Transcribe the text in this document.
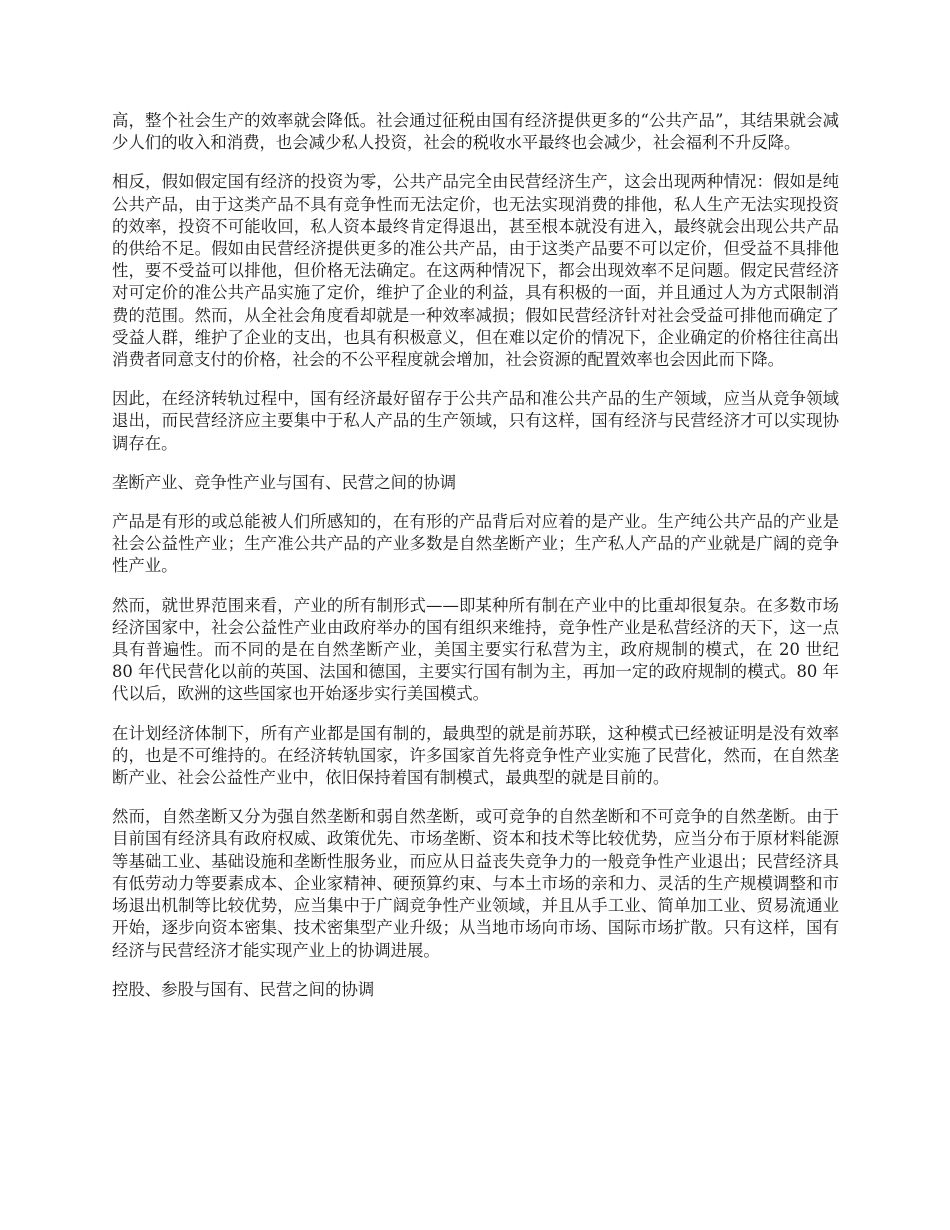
高，整个社会生产的效率就会降低。社会通过征税由国有经济提供更多的“公共产品”，其结果就会减少人们的收入和消费，也会减少私人投资，社会的税收水平最终也会减少，社会福利不升反降。

相反，假如假定国有经济的投资为零，公共产品完全由民营经济生产，这会出现两种情况：假如是纯公共产品，由于这类产品不具有竞争性而无法定价，也无法实现消费的排他，私人生产无法实现投资的效率，投资不可能收回，私人资本最终肯定得退出，甚至根本就没有进入，最终就会出现公共产品的供给不足。假如由民营经济提供更多的准公共产品，由于这类产品要不可以定价，但受益不具排他性，要不受益可以排他，但价格无法确定。在这两种情况下，都会出现效率不足问题。假定民营经济对可定价的准公共产品实施了定价，维护了企业的利益，具有积极的一面，并且通过人为方式限制消费的范围。然而，从全社会角度看却就是一种效率减损；假如民营经济针对社会受益可排他而确定了受益人群，维护了企业的支出，也具有积极意义，但在难以定价的情况下，企业确定的价格往往高出消费者同意支付的价格，社会的不公平程度就会增加，社会资源的配置效率也会因此而下降。

因此，在经济转轨过程中，国有经济最好留存于公共产品和准公共产品的生产领域，应当从竞争领域退出，而民营经济应主要集中于私人产品的生产领域，只有这样，国有经济与民营经济才可以实现协调存在。

垄断产业、竞争性产业与国有、民营之间的协调

产品是有形的或总能被人们所感知的，在有形的产品背后对应着的是产业。生产纯公共产品的产业是社会公益性产业；生产准公共产品的产业多数是自然垄断产业；生产私人产品的产业就是广阔的竞争性产业。

然而，就世界范围来看，产业的所有制形式——即某种所有制在产业中的比重却很复杂。在多数市场经济国家中，社会公益性产业由政府举办的国有组织来维持，竞争性产业是私营经济的天下，这一点具有普遍性。而不同的是在自然垄断产业，美国主要实行私营为主，政府规制的模式，在 20 世纪 80 年代民营化以前的英国、法国和德国，主要实行国有制为主，再加一定的政府规制的模式。80 年代以后，欧洲的这些国家也开始逐步实行美国模式。

在计划经济体制下，所有产业都是国有制的，最典型的就是前苏联，这种模式已经被证明是没有效率的，也是不可维持的。在经济转轨国家，许多国家首先将竞争性产业实施了民营化，然而，在自然垄断产业、社会公益性产业中，依旧保持着国有制模式，最典型的就是目前的。

然而，自然垄断又分为强自然垄断和弱自然垄断，或可竞争的自然垄断和不可竞争的自然垄断。由于目前国有经济具有政府权威、政策优先、市场垄断、资本和技术等比较优势，应当分布于原材料能源等基础工业、基础设施和垄断性服务业，而应从日益丧失竞争力的一般竞争性产业退出；民营经济具有低劳动力等要素成本、企业家精神、硬预算约束、与本土市场的亲和力、灵活的生产规模调整和市场退出机制等比较优势，应当集中于广阔竞争性产业领域，并且从手工业、简单加工业、贸易流通业开始，逐步向资本密集、技术密集型产业升级；从当地市场向市场、国际市场扩散。只有这样，国有经济与民营经济才能实现产业上的协调进展。

控股、参股与国有、民营之间的协调
